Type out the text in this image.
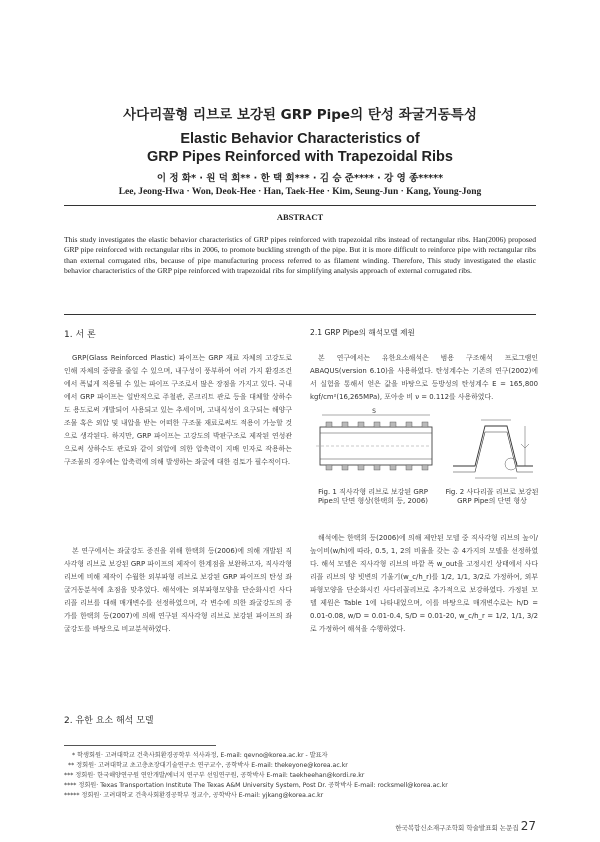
사다리꼴형 리브로 보강된 GRP Pipe의 탄성 좌굴거동특성
Elastic Behavior Characteristics of
GRP Pipes Reinforced with Trapezoidal Ribs
이 정 화* · 원 덕 희** · 한 택 희*** · 김 승 준**** · 강 영 종*****
Lee, Jeong-Hwa · Won, Deok-Hee · Han, Taek-Hee · Kim, Seung-Jun · Kang, Young-Jong
ABSTRACT

This study investigates the elastic behavior characteristics of GRP pipes reinforced with trapezoidal ribs instead of rectangular ribs. Han(2006) proposed GRP pipe reinforced with rectangular ribs in 2006, to promote buckling strength of the pipe. But it is more difficult to reinforce pipe with rectangular ribs than external corrugated ribs, because of pipe manufacturing process referred to as filament winding. Therefore, This study investigated the elastic behavior characteristics of the GRP pipe reinforced with trapezoidal ribs for simplifying analysis approach of external corrugated ribs.

1. 서 론

GRP(Glass Reinforced Plastic) 파이프는 GRP 재료 자체의 고강도로 인해 자체의 중량을 줄일 수 있으며, 내구성이 풍부하여 여러 가지 환경조건에서 폭넓게 적용될 수 있는 파이프 구조로서 많은 장점을 가지고 있다. 국내에서 GRP 파이프는 일반적으로 주철관, 콘크리트 관로 등을 대체할 상하수도 용도로써 개발되어 사용되고 있는 추세이며, 고내식성이 요구되는 해양구조물 혹은 외압 및 내압을 받는 어떠한 구조물 재료로써도 적용이 가능할 것으로 생각된다. 하지만, GRP 파이프는 고강도의 박판구조로 제작된 연성관으로써 상하수도 관로와 같이 외압에 의한 압축력이 지배 인자로 작용하는 구조물의 경우에는 압축력에 의해 발생하는 좌굴에 대한 검토가 필수적이다.

본 연구에서는 좌굴강도 증진을 위해 한택희 등(2006)에 의해 개발된 직사각형 리브로 보강된 GRP 파이프의 제작이 한계점을 보완하고자, 직사각형 리브에 비해 제작이 수월한 외부파형 리브로 보강된 GRP 파이프의 탄성 좌굴거동분석에 초점을 맞추었다. 해석에는 외부파형모양을 단순화시킨 사다리꼴 리브를 대해 매개변수를 선정하였으며, 각 변수에 의한 좌굴강도의 증가를 한택희 등(2007)에 의해 연구된 직사각형 리브로 보강된 파이프의 좌굴강도를 바탕으로 비교분석하였다.

2. 유한 요소 해석 모델
2.1 GRP Pipe의 해석모델 제원

본 연구에서는 유한요소해석은 범용 구조해석 프로그램인 ABAQUS(version 6.10)을 사용하였다. 탄성계수는 기존의 연구(2002)에서 실험을 통해서 얻은 값을 바탕으로 등방성의 탄성계수 E = 165,800 kgf/cm²(16,265MPa), 포아송 비 ν = 0.112를 사용하였다.

S
Fig. 1 직사각형 리브로 보강된 GRP Pipe의 단면 형상(한택희 등, 2006)
Fig. 2 사다리꼴 리브로 보강된 GRP Pipe의 단면 형상

해석에는 한택희 등(2006)에 의해 제안된 모델 중 직사각형 리브의 높이/높이비(w/h)에 따라, 0.5, 1, 2의 비율을 갖는 총 4가지의 모델을 선정하였다. 해석 모델은 직사각형 리브의 바깥 폭 w_out을 고정시킨 상태에서 사다리꼴 리브의 양 빗변의 기울기(w_c/h_r)를 1/2, 1/1, 3/2로 가정하여, 외부파형모양을 단순화시킨 사다리꼴리브로 추가적으로 보강하였다. 가정된 모델 제원은 Table 1에 나타내었으며, 이를 바탕으로 매개변수로는 h/D = 0.01-0.08, w/D = 0.01-0.4, S/D = 0.01-20, w_c/h_r = 1/2, 1/1, 3/2로 가정하여 해석을 수행하였다.

* 학생회원· 고려대학교 건축사회환경공학부 석사과정, E-mail: qevno@korea.ac.kr - 발표자

** 정회원· 고려대학교 초고층초장대기술연구소 연구교수, 공학박사 E-mail: thekeyone@korea.ac.kr

*** 정회원· 한국해양연구원 연안개발/에너지 연구부 선임연구원, 공학박사 E-mail: taekheehan@kordi.re.kr

**** 정회원· Texas Transportation Institute The Texas A&M University System, Post Dr. 공학박사 E-mail: rocksmell@korea.ac.kr

***** 정회원· 고려대학교 건축사회환경공학부 정교수, 공학박사 E-mail: yjkang@korea.ac.kr

한국복합신소재구조학회 학술발표회 논문집 27
